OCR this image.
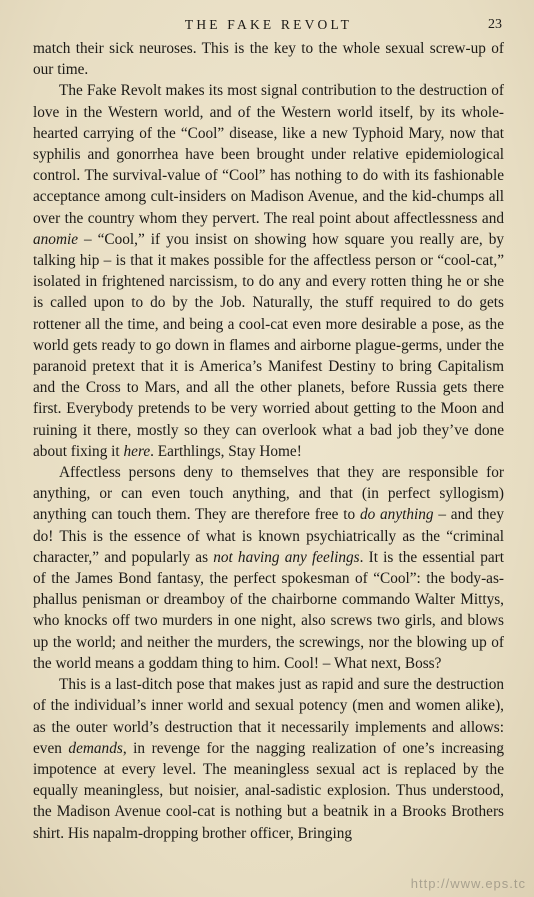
THE FAKE REVOLT	23

match their sick neuroses. This is the key to the whole sexual screw-up of our time.

The Fake Revolt makes its most signal contribution to the destruction of love in the Western world, and of the Western world itself, by its whole-hearted carrying of the “Cool” disease, like a new Typhoid Mary, now that syphilis and gonorrhea have been brought under relative epidemiological control. The survival-value of “Cool” has nothing to do with its fashionable acceptance among cult-insiders on Madison Avenue, and the kid-chumps all over the country whom they pervert. The real point about affectlessness and anomie – “Cool,” if you insist on showing how square you really are, by talking hip – is that it makes possible for the affectless person or “cool-cat,” isolated in frightened narcissism, to do any and every rotten thing he or she is called upon to do by the Job. Naturally, the stuff required to do gets rottener all the time, and being a cool-cat even more desirable a pose, as the world gets ready to go down in flames and airborne plague-germs, under the paranoid pretext that it is America’s Manifest Destiny to bring Capitalism and the Cross to Mars, and all the other planets, before Russia gets there first. Everybody pretends to be very worried about getting to the Moon and ruining it there, mostly so they can overlook what a bad job they’ve done about fixing it here. Earthlings, Stay Home!

Affectless persons deny to themselves that they are responsible for anything, or can even touch anything, and that (in perfect syllogism) anything can touch them. They are therefore free to do anything – and they do! This is the essence of what is known psychiatrically as the “criminal character,” and popularly as not having any feelings. It is the essential part of the James Bond fantasy, the perfect spokesman of “Cool”: the body-as-phallus penisman or dreamboy of the chairborne commando Walter Mittys, who knocks off two murders in one night, also screws two girls, and blows up the world; and neither the murders, the screwings, nor the blowing up of the world means a goddam thing to him. Cool! – What next, Boss?

This is a last-ditch pose that makes just as rapid and sure the destruction of the individual’s inner world and sexual potency (men and women alike), as the outer world’s destruction that it necessarily implements and allows: even demands, in revenge for the nagging realization of one’s increasing impotence at every level. The meaningless sexual act is replaced by the equally meaningless, but noisier, anal-sadistic explosion. Thus understood, the Madison Avenue cool-cat is nothing but a beatnik in a Brooks Brothers shirt. His napalm-dropping brother officer, Bringing

http://www.eps.tc
